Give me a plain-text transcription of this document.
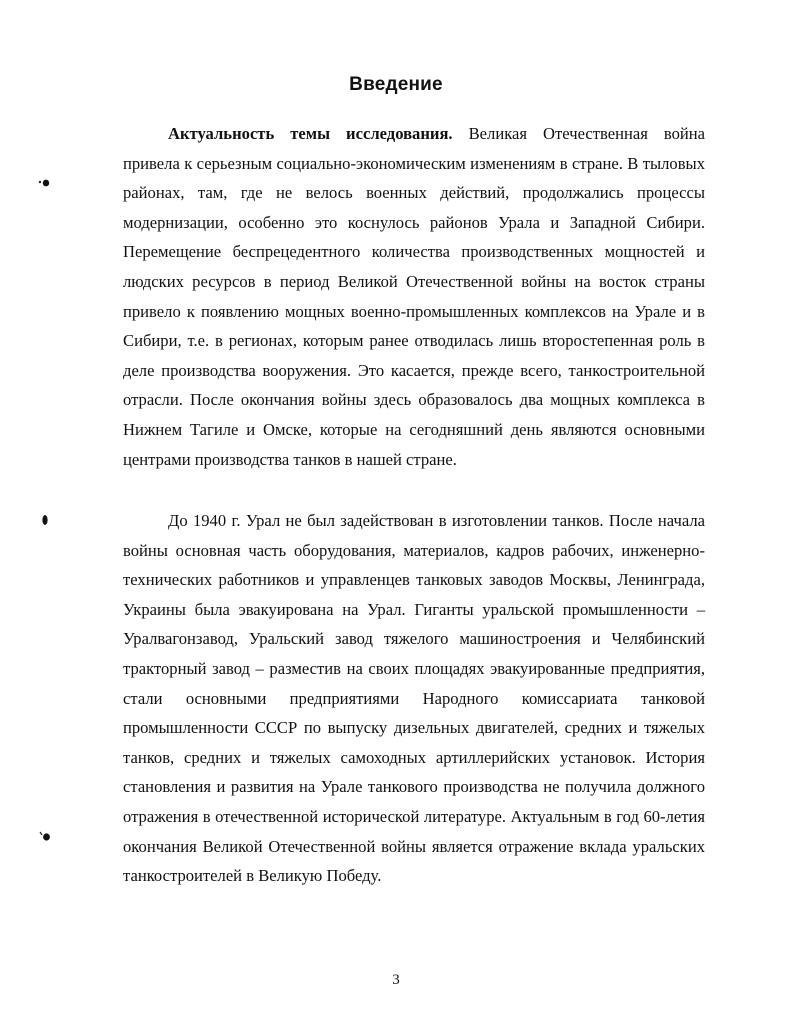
Введение

Актуальность темы исследования. Великая Отечественная война привела к серьезным социально-экономическим изменениям в стране. В тыловых районах, там, где не велось военных действий, продолжались процессы модернизации, особенно это коснулось районов Урала и Западной Сибири. Перемещение беспрецедентного количества производственных мощностей и людских ресурсов в период Великой Отечественной войны на восток страны привело к появлению мощных военно-промышленных комплексов на Урале и в Сибири, т.е. в регионах, которым ранее отводилась лишь второстепенная роль в деле производства вооружения. Это касается, прежде всего, танкостроительной отрасли. После окончания войны здесь образовалось два мощных комплекса в Нижнем Тагиле и Омске, которые на сегодняшний день являются основными центрами производства танков в нашей стране.

До 1940 г. Урал не был задействован в изготовлении танков. После начала войны основная часть оборудования, материалов, кадров рабочих, инженерно-технических работников и управленцев танковых заводов Москвы, Ленинграда, Украины была эвакуирована на Урал. Гиганты уральской промышленности – Уралвагонзавод, Уральский завод тяжелого машиностроения и Челябинский тракторный завод – разместив на своих площадях эвакуированные предприятия, стали основными предприятиями Народного комиссариата танковой промышленности СССР по выпуску дизельных двигателей, средних и тяжелых танков, средних и тяжелых самоходных артиллерийских установок. История становления и развития на Урале танкового производства не получила должного отражения в отечественной исторической литературе. Актуальным в год 60-летия окончания Великой Отечественной войны является отражение вклада уральских танкостроителей в Великую Победу.

3
